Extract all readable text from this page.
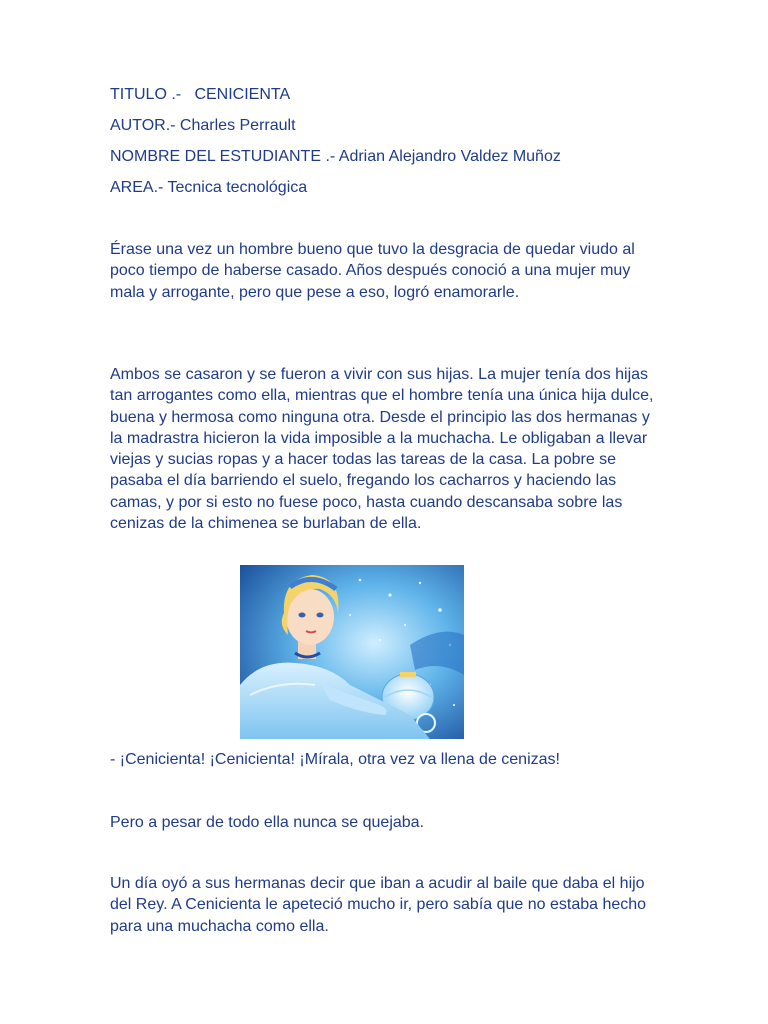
TITULO .-   CENICIENTA

AUTOR.- Charles Perrault

NOMBRE DEL ESTUDIANTE .- Adrian Alejandro Valdez Muñoz

AREA.- Tecnica tecnológica

Érase una vez un hombre bueno que tuvo la desgracia de quedar viudo al poco tiempo de haberse casado. Años después conoció a una mujer muy mala y arrogante, pero que pese a eso, logró enamorarle.

Ambos se casaron y se fueron a vivir con sus hijas. La mujer tenía dos hijas tan arrogantes como ella, mientras que el hombre tenía una única hija dulce, buena y hermosa como ninguna otra. Desde el principio las dos hermanas y la madrastra hicieron la vida imposible a la muchacha. Le obligaban a llevar viejas y sucias ropas y a hacer todas las tareas de la casa. La pobre se pasaba el día barriendo el suelo, fregando los cacharros y haciendo las camas, y por si esto no fuese poco, hasta cuando descansaba sobre las cenizas de la chimenea se burlaban de ella.

- ¡Cenicienta! ¡Cenicienta! ¡Mírala, otra vez va llena de cenizas!

Pero a pesar de todo ella nunca se quejaba.

Un día oyó a sus hermanas decir que iban a acudir al baile que daba el hijo del Rey. A Cenicienta le apeteció mucho ir, pero sabía que no estaba hecho para una muchacha como ella.
